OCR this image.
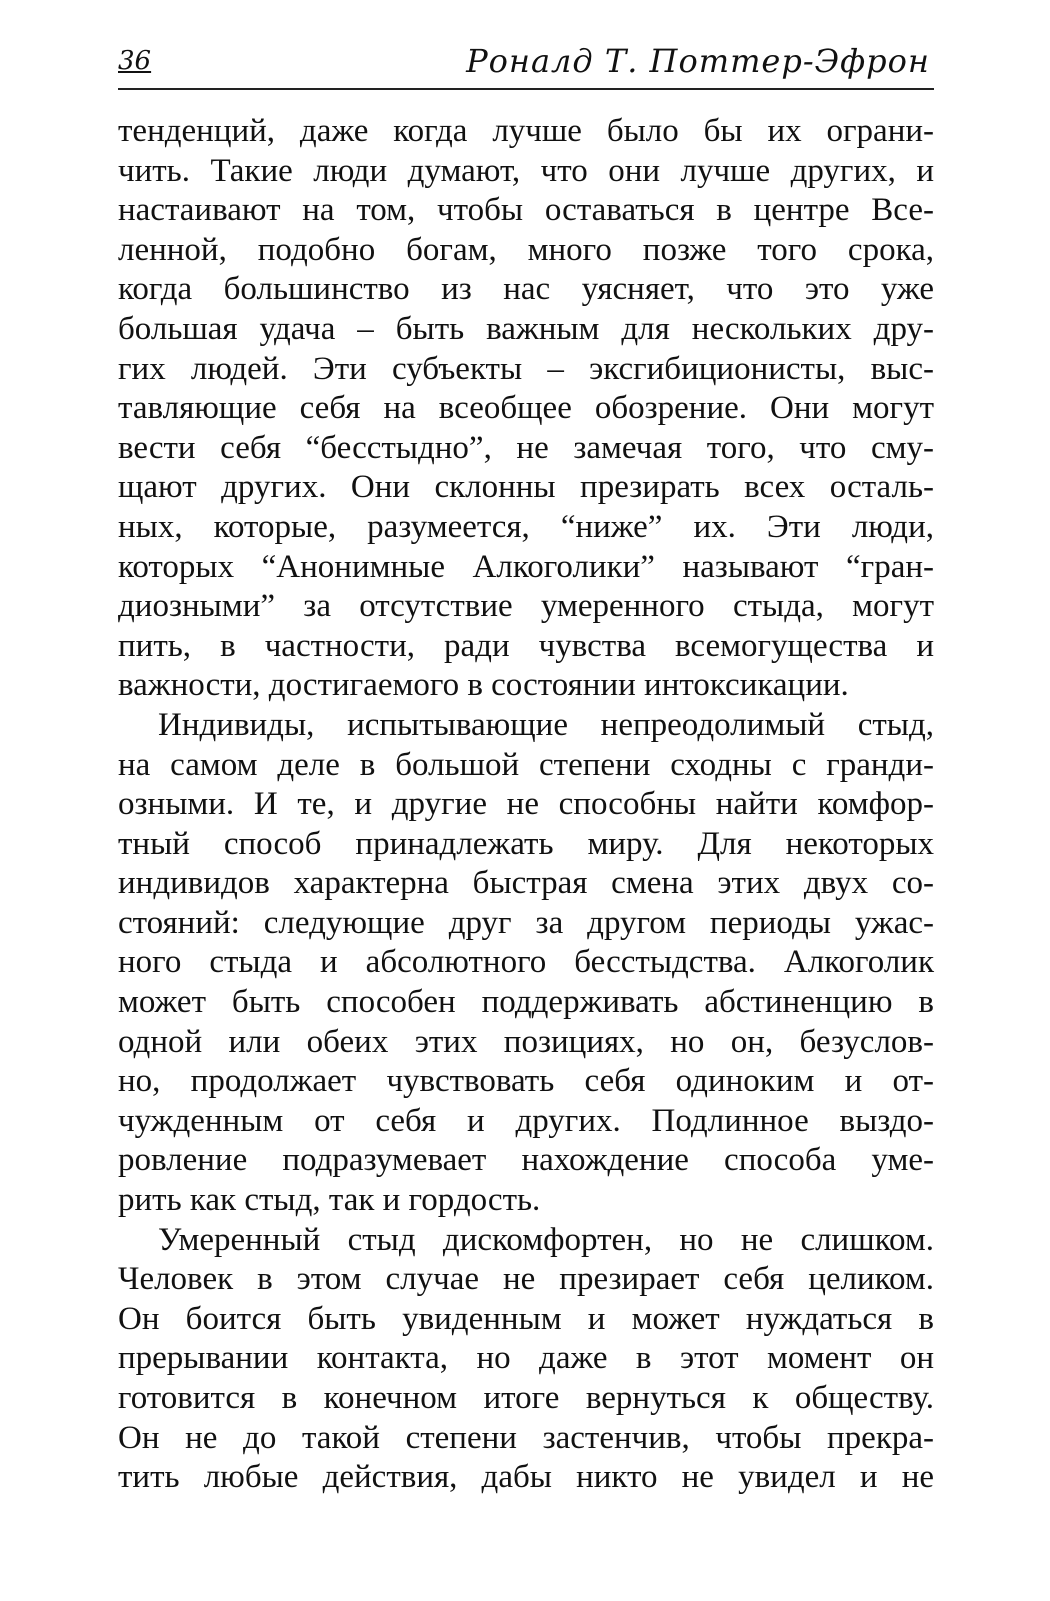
36	Роналд Т. Поттер-Эфрон
тенденций, даже когда лучше было бы их ограни-
чить. Такие люди думают, что они лучше других, и
настаивают на том, чтобы оставаться в центре Все-
ленной, подобно богам, много позже того срока,
когда большинство из нас уясняет, что это уже
большая удача – быть важным для нескольких дру-
гих людей. Эти субъекты – эксгибиционисты, выс-
тавляющие себя на всеобщее обозрение. Они могут
вести себя “бесстыдно”, не замечая того, что сму-
щают других. Они склонны презирать всех осталь-
ных, которые, разумеется, “ниже” их. Эти люди,
которых “Анонимные Алкоголики” называют “гран-
диозными” за отсутствие умеренного стыда, могут
пить, в частности, ради чувства всемогущества и
важности, достигаемого в состоянии интоксикации.
Индивиды, испытывающие непреодолимый стыд,
на самом деле в большой степени сходны с гранди-
озными. И те, и другие не способны найти комфор-
тный способ принадлежать миру. Для некоторых
индивидов характерна быстрая смена этих двух со-
стояний: следующие друг за другом периоды ужас-
ного стыда и абсолютного бесстыдства. Алкоголик
может быть способен поддерживать абстиненцию в
одной или обеих этих позициях, но он, безуслов-
но, продолжает чувствовать себя одиноким и от-
чужденным от себя и других. Подлинное выздо-
ровление подразумевает нахождение способа уме-
рить как стыд, так и гордость.
Умеренный стыд дискомфортен, но не слишком.
Человек в этом случае не презирает себя целиком.
Он боится быть увиденным и может нуждаться в
прерывании контакта, но даже в этот момент он
готовится в конечном итоге вернуться к обществу.
Он не до такой степени застенчив, чтобы прекра-
тить любые действия, дабы никто не увидел и не
